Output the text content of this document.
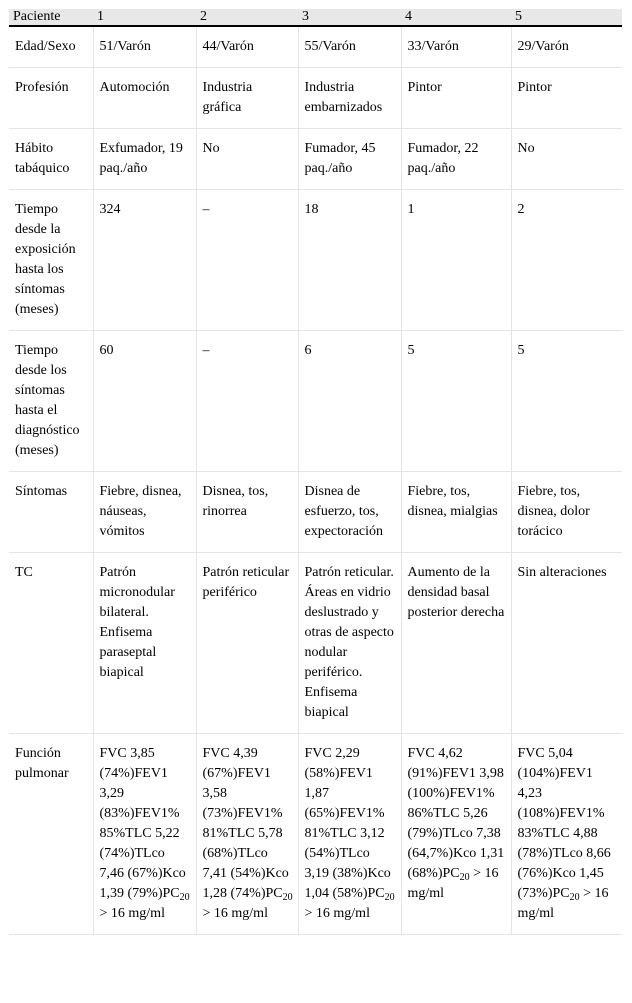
Paciente	1	2	3	4	5
Edad/Sexo	51/Varón	44/Varón	55/Varón	33/Varón	29/Varón
Profesión	Automoción	Industria gráfica	Industria embarnizados	Pintor	Pintor
Hábito tabáquico	Exfumador, 19 paq./año	No	Fumador, 45 paq./año	Fumador, 22 paq./año	No
Tiempo desde la exposición hasta los síntomas (meses)	324	–	18	1	2
Tiempo desde los síntomas hasta el diagnóstico (meses)	60	–	6	5	5
Síntomas	Fiebre, disnea, náuseas, vómitos	Disnea, tos, rinorrea	Disnea de esfuerzo, tos, expectoración	Fiebre, tos, disnea, mialgias	Fiebre, tos, disnea, dolor torácico
TC	Patrón micronodular bilateral. Enfisema paraseptal biapical	Patrón reticular periférico	Patrón reticular. Áreas en vidrio deslustrado y otras de aspecto nodular periférico. Enfisema biapical	Aumento de la densidad basal posterior derecha	Sin alteraciones
Función pulmonar	FVC 3,85 (74%)FEV1 3,29 (83%)FEV1% 85%TLC 5,22 (74%)TLco 7,46 (67%)Kco 1,39 $(79\%)PC_{20} > 16$ mg/ml	FVC 4,39 (67%)FEV1 3,58 (73%)FEV1% 81%TLC 5,78 (68%)TLco 7,41 (54%)Kco 1,28 $(74\%)PC_{20} > 16$ mg/ml	FVC 2,29 (58%)FEV1 1,87 (65%)FEV1% 81%TLC 3,12 (54%)TLco 3,19 (38%)Kco 1,04 $(58\%)PC_{20} > 16$ mg/ml	FVC 4,62 (91%)FEV1 3,98 (100%)FEV1% 86%TLC 5,26 (79%)TLco 7,38 (64,7%)Kco 1,31 $(68\%)PC_{20} > 16$ mg/ml	FVC 5,04 (104%)FEV1 4,23 (108%)FEV1% 83%TLC 4,88 (78%)TLco 8,66 (76%)Kco 1,45 $(73\%)PC_{20} > 16$ mg/ml
